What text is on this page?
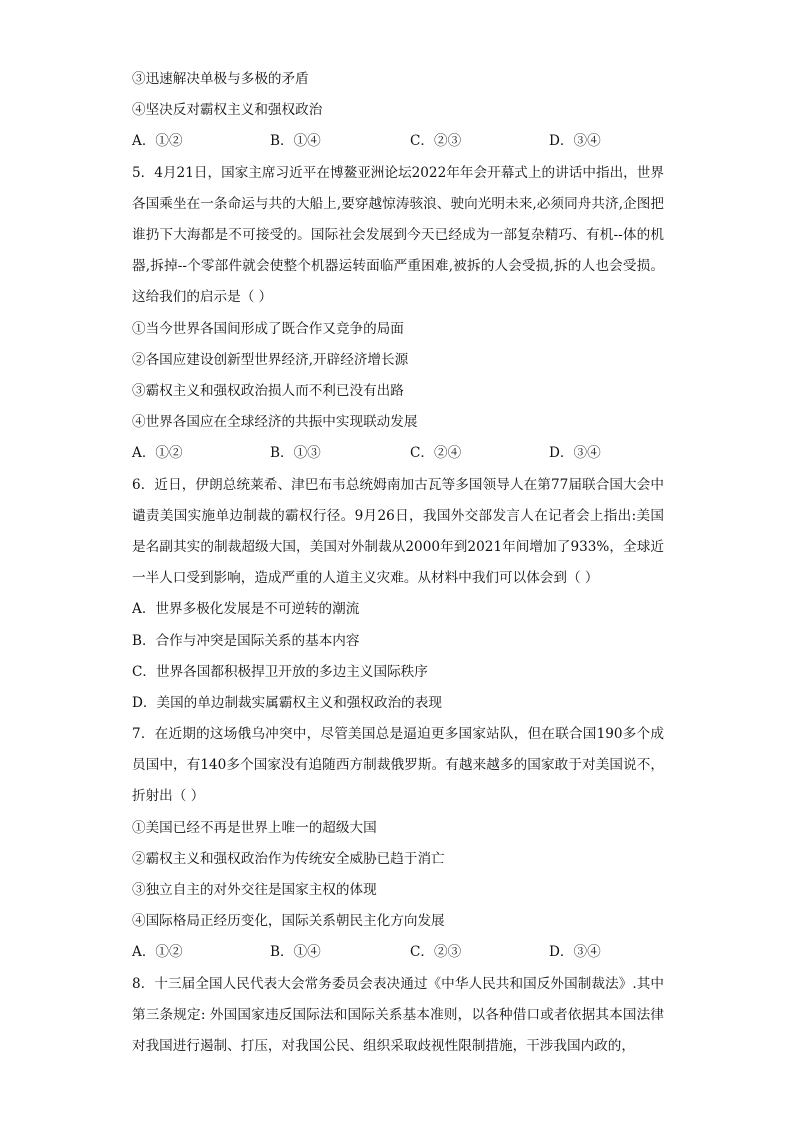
③迅速解决单极与多极的矛盾
④坚决反对霸权主义和强权政治
A．①②	B．①④	C．②③	D．③④
5．4月21日，国家主席习近平在博鳌亚洲论坛2022年年会开幕式上的讲话中指出，世界各国乘坐在一条命运与共的大船上,要穿越惊涛骇浪、驶向光明未来,必须同舟共济,企图把谁扔下大海都是不可接受的。国际社会发展到今天已经成为一部复杂精巧、有机--体的机器,拆掉--个零部件就会使整个机器运转面临严重困难,被拆的人会受损,拆的人也会受损。这给我们的启示是（ ）
①当今世界各国间形成了既合作又竞争的局面
②各国应建设创新型世界经济,开辟经济增长源
③霸权主义和强权政治损人而不利已没有出路
④世界各国应在全球经济的共振中实现联动发展
A．①②	B．①③	C．②④	D．③④
6．近日，伊朗总统莱希、津巴布韦总统姆南加古瓦等多国领导人在第77届联合国大会中谴责美国实施单边制裁的霸权行径。9月26日，我国外交部发言人在记者会上指出:美国是名副其实的制裁超级大国，美国对外制裁从2000年到2021年间增加了933%，全球近一半人口受到影响，造成严重的人道主义灾难。从材料中我们可以体会到（ ）
A．世界多极化发展是不可逆转的潮流
B．合作与冲突是国际关系的基本内容
C．世界各国都积极捍卫开放的多边主义国际秩序
D．美国的单边制裁实属霸权主义和强权政治的表现
7．在近期的这场俄乌冲突中，尽管美国总是逼迫更多国家站队，但在联合国190多个成员国中，有140多个国家没有追随西方制裁俄罗斯。有越来越多的国家敢于对美国说不，折射出（ ）
①美国已经不再是世界上唯一的超级大国
②霸权主义和强权政治作为传统安全威胁已趋于消亡
③独立自主的对外交往是国家主权的体现
④国际格局正经历变化，国际关系朝民主化方向发展
A．①②	B．①④	C．②③	D．③④
8．十三届全国人民代表大会常务委员会表决通过《中华人民共和国反外国制裁法》.其中第三条规定: 外国国家违反国际法和国际关系基本准则，以各种借口或者依据其本国法律对我国进行遏制、打压，对我国公民、组织采取歧视性限制措施，干涉我国内政的，
